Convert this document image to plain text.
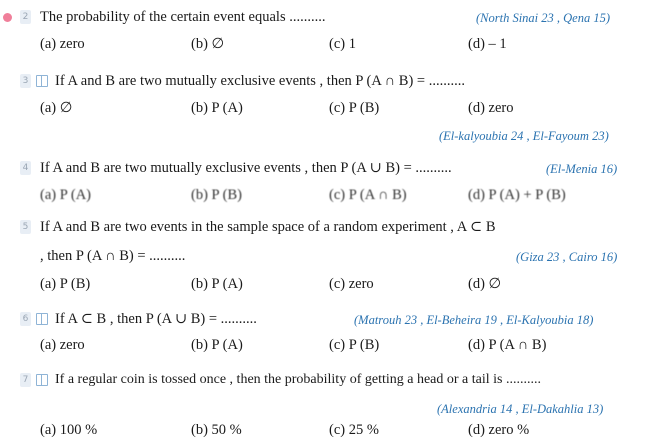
2 The probability of the certain event equals ..........	(North Sinai 23 , Qena 15)
(a) zero	(b) ∅	(c) 1	(d) – 1
3 If A and B are two mutually exclusive events , then P (A ∩ B) = ..........
(a) ∅	(b) P (A)	(c) P (B)	(d) zero
(El-kalyoubia 24 , El-Fayoum 23)
4 If A and B are two mutually exclusive events , then P (A ∪ B) = ..........	(El-Menia 16)
(a) P (A)	(b) P (B)	(c) P (A ∩ B)	(d) P (A) + P (B)
5 If A and B are two events in the sample space of a random experiment , A ⊂ B
, then P (A ∩ B) = ..........	(Giza 23 , Cairo 16)
(a) P (B)	(b) P (A)	(c) zero	(d) ∅
6 If A ⊂ B , then P (A ∪ B) = ..........	(Matrouh 23 , El-Beheira 19 , El-Kalyoubia 18)
(a) zero	(b) P (A)	(c) P (B)	(d) P (A ∩ B)
7 If a regular coin is tossed once , then the probability of getting a head or a tail is ..........
(Alexandria 14 , El-Dakahlia 13)
(a) 100 %	(b) 50 %	(c) 25 %	(d) zero %
